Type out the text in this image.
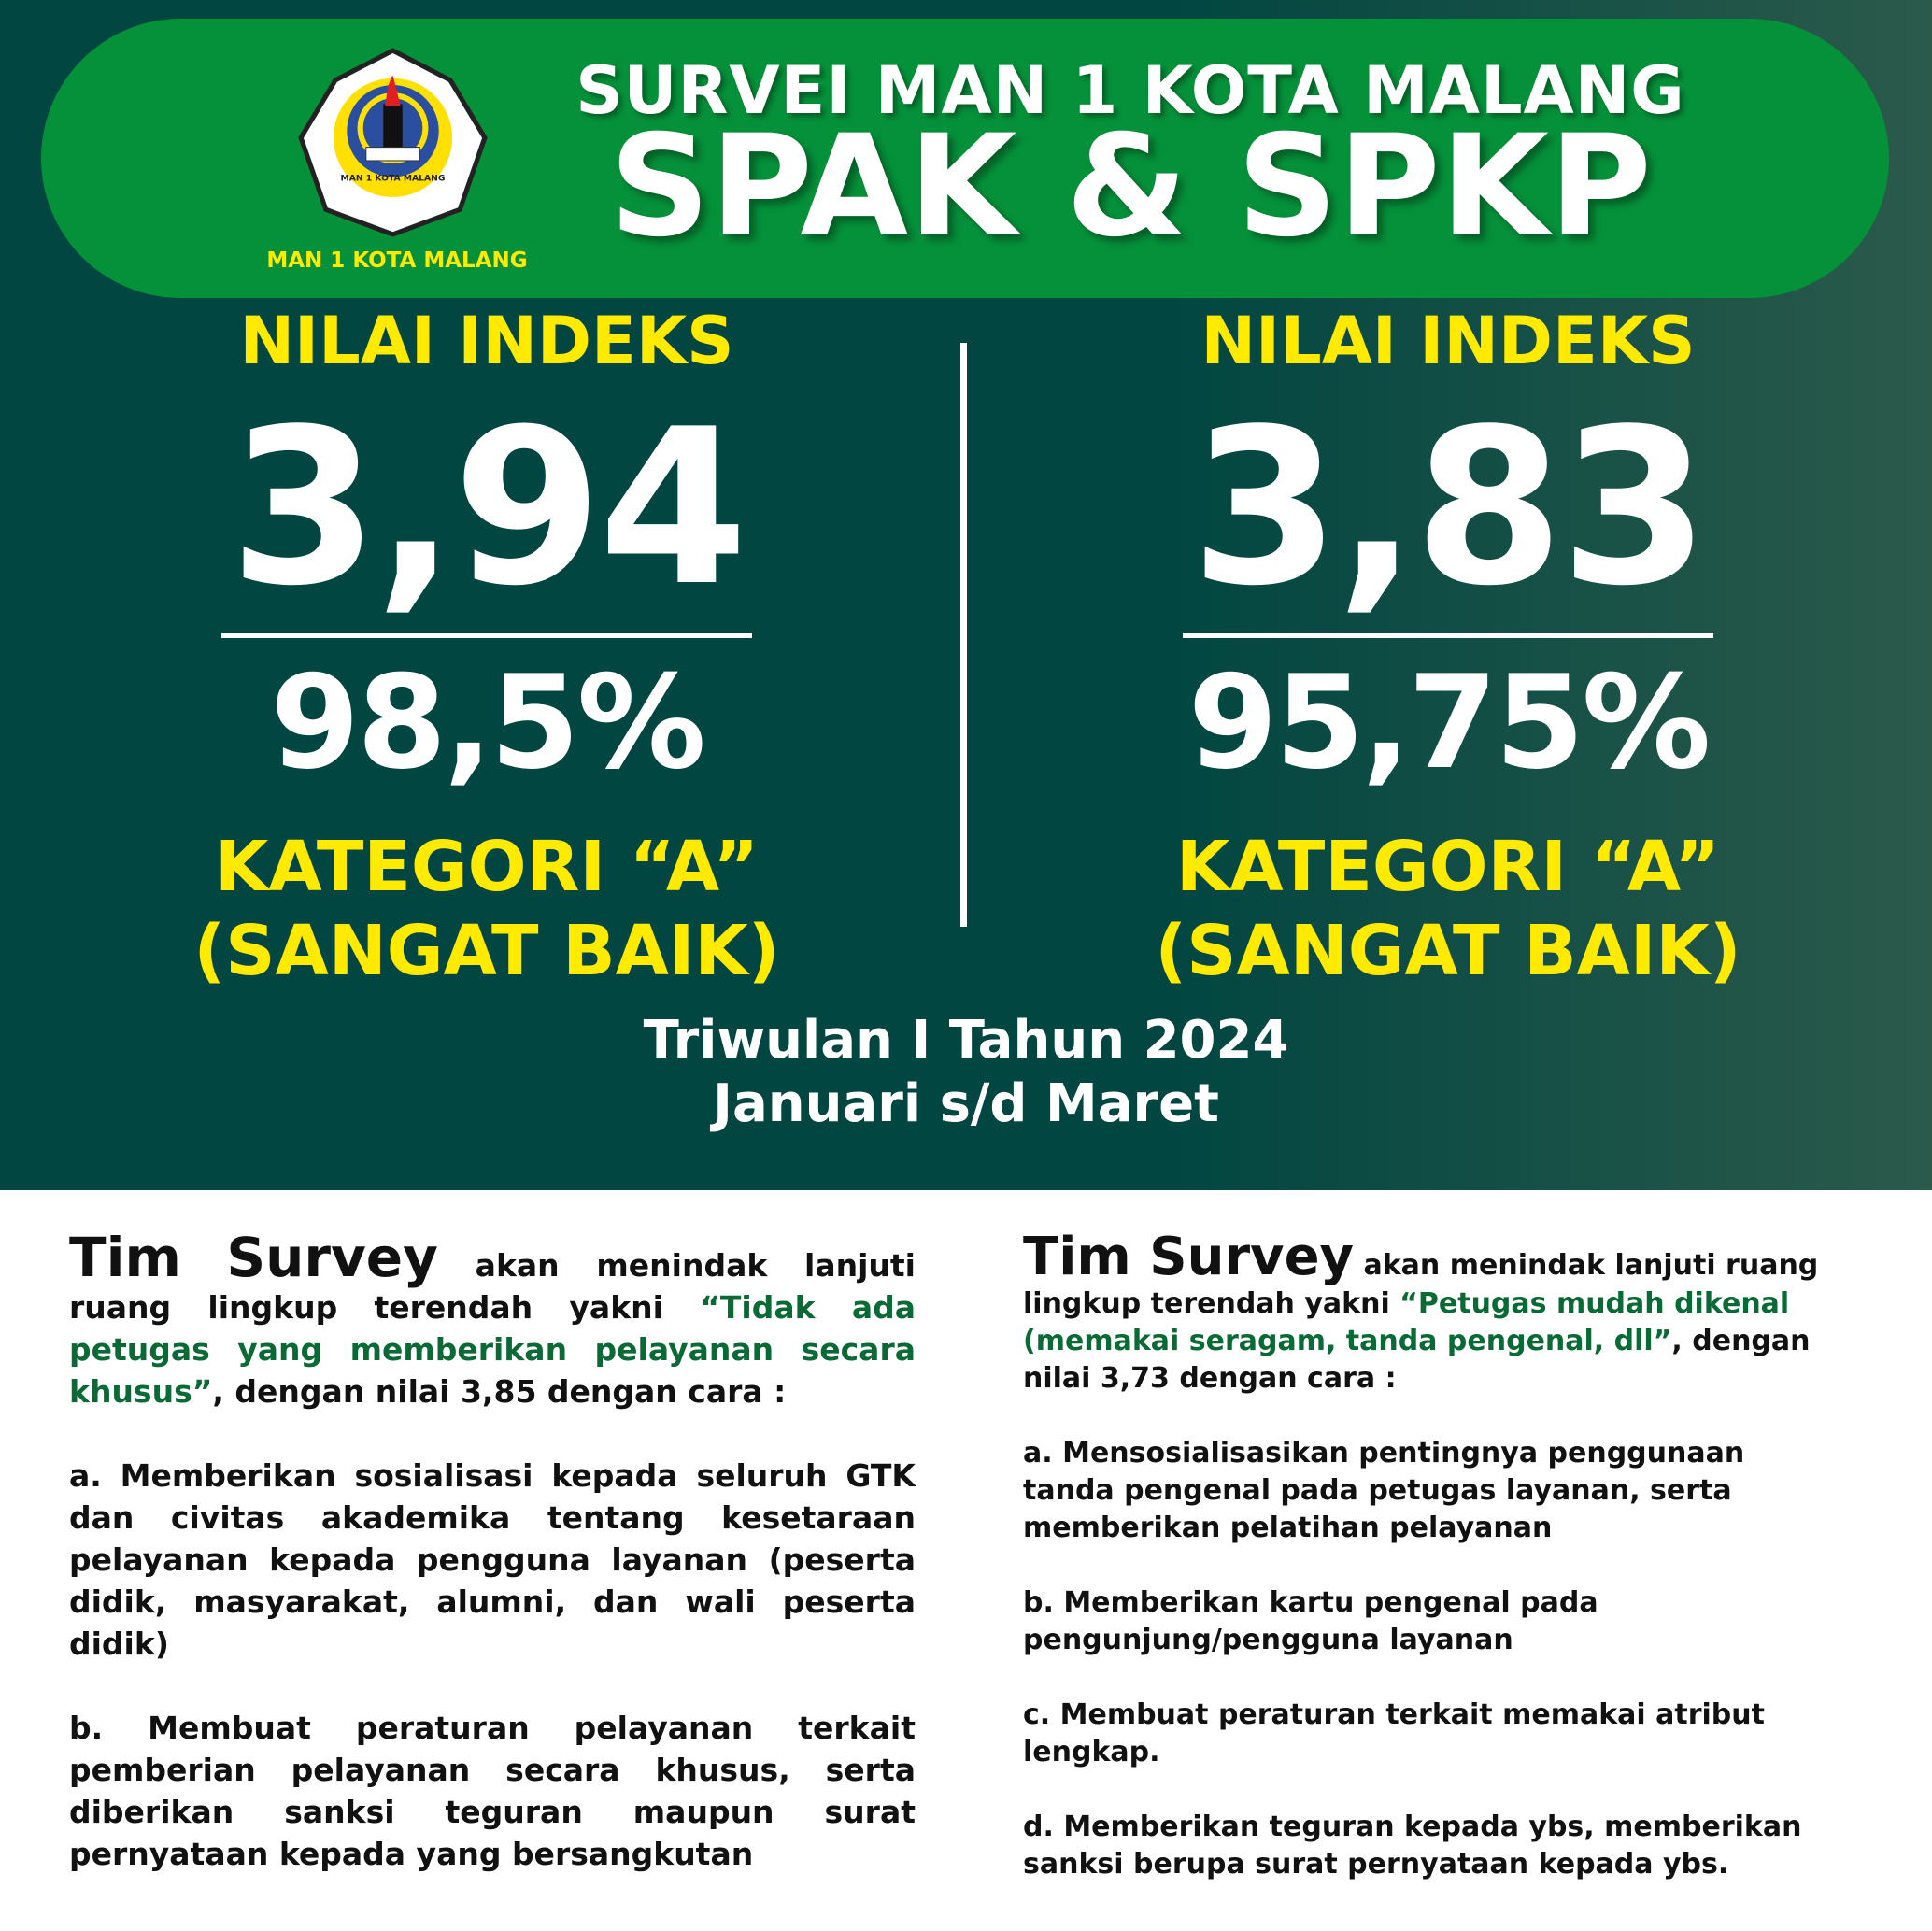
MAN 1 KOTA MALANG
MAN 1 KOTA MALANG
SURVEI MAN 1 KOTA MALANG
SPAK & SPKP
NILAI INDEKS
3,94
98,5%
KATEGORI “A”
(SANGAT BAIK)
NILAI INDEKS
3,83
95,75%
KATEGORI “A”
(SANGAT BAIK)
Triwulan I Tahun 2024
Januari s/d Maret

Tim Survey akan menindak lanjuti ruang lingkup terendah yakni “Tidak ada petugas yang memberikan pelayanan secara khusus”, dengan nilai 3,85 dengan cara :

a. Memberikan sosialisasi kepada seluruh GTK dan civitas akademika tentang kesetaraan pelayanan kepada pengguna layanan (peserta didik, masyarakat, alumni, dan wali peserta didik)

b. Membuat peraturan pelayanan terkait pemberian pelayanan secara khusus, serta diberikan sanksi teguran maupun surat pernyataan kepada yang bersangkutan

Tim Survey akan menindak lanjuti ruang lingkup terendah yakni “Petugas mudah dikenal (memakai seragam, tanda pengenal, dll”, dengan nilai 3,73 dengan cara :

a. Mensosialisasikan pentingnya penggunaan tanda pengenal pada petugas layanan, serta memberikan pelatihan pelayanan

b. Memberikan kartu pengenal pada pengunjung/pengguna layanan

c. Membuat peraturan terkait memakai atribut lengkap.

d. Memberikan teguran kepada ybs, memberikan sanksi berupa surat pernyataan kepada ybs.
